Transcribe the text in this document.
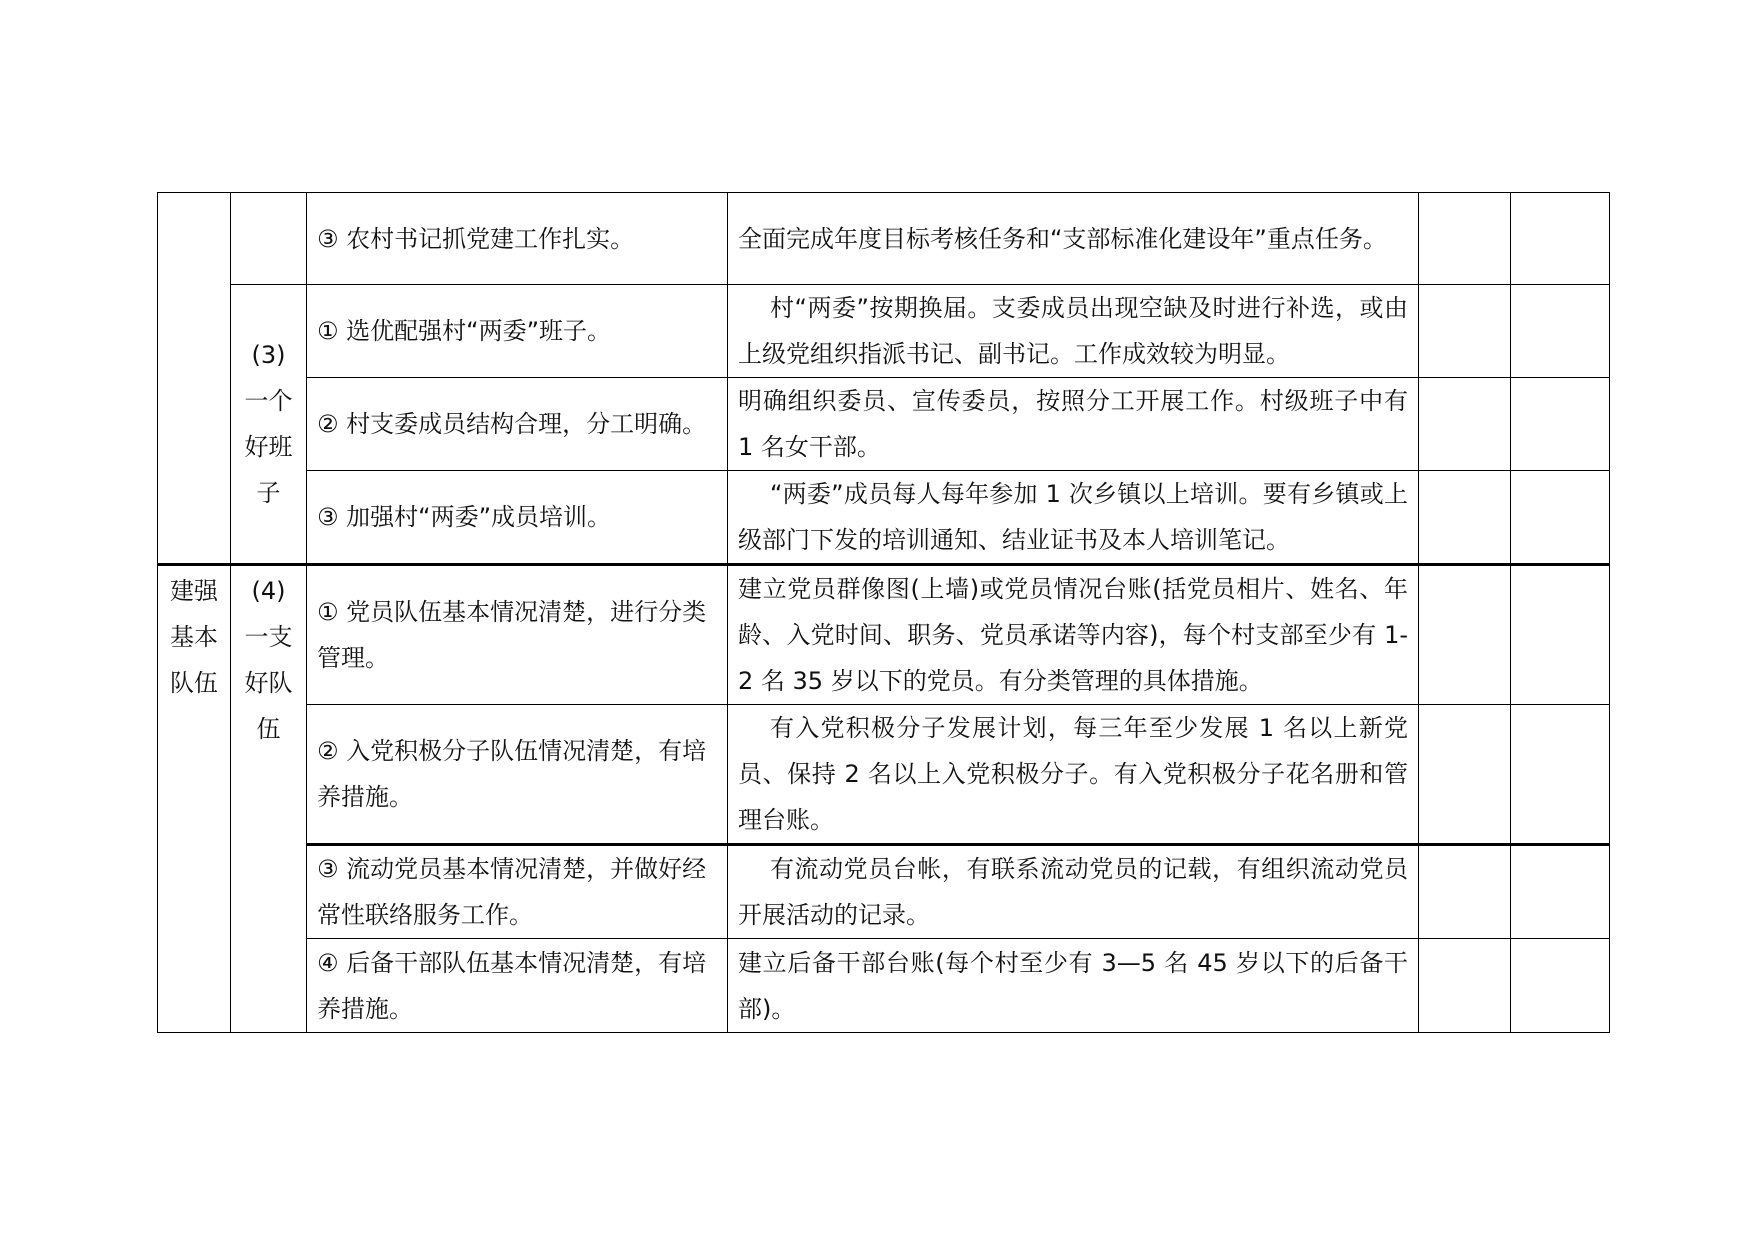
		③ 农村书记抓党建工作扎实。	全面完成年度目标考核任务和“支部标准化建设年”重点任务。		
	(3) 一个好班子	① 选优配强村“两委”班子。	村“两委”按期换届。支委成员出现空缺及时进行补选，或由上级党组织指派书记、副书记。工作成效较为明显。		
		② 村支委成员结构合理，分工明确。	明确组织委员、宣传委员，按照分工开展工作。村级班子中有 1 名女干部。		
		③ 加强村“两委”成员培训。	“两委”成员每人每年参加 1 次乡镇以上培训。要有乡镇或上级部门下发的培训通知、结业证书及本人培训笔记。		
建强基本队伍	(4) 一支好队伍	① 党员队伍基本情况清楚，进行分类管理。	建立党员群像图(上墙)或党员情况台账(括党员相片、姓名、年龄、入党时间、职务、党员承诺等内容)，每个村支部至少有 1-2 名 35 岁以下的党员。有分类管理的具体措施。		
		② 入党积极分子队伍情况清楚，有培养措施。	有入党积极分子发展计划，每三年至少发展 1 名以上新党员、保持 2 名以上入党积极分子。有入党积极分子花名册和管理台账。		
		③ 流动党员基本情况清楚，并做好经常性联络服务工作。	有流动党员台帐，有联系流动党员的记载，有组织流动党员开展活动的记录。		
		④ 后备干部队伍基本情况清楚，有培养措施。	建立后备干部台账(每个村至少有 3—5 名 45 岁以下的后备干部)。		
